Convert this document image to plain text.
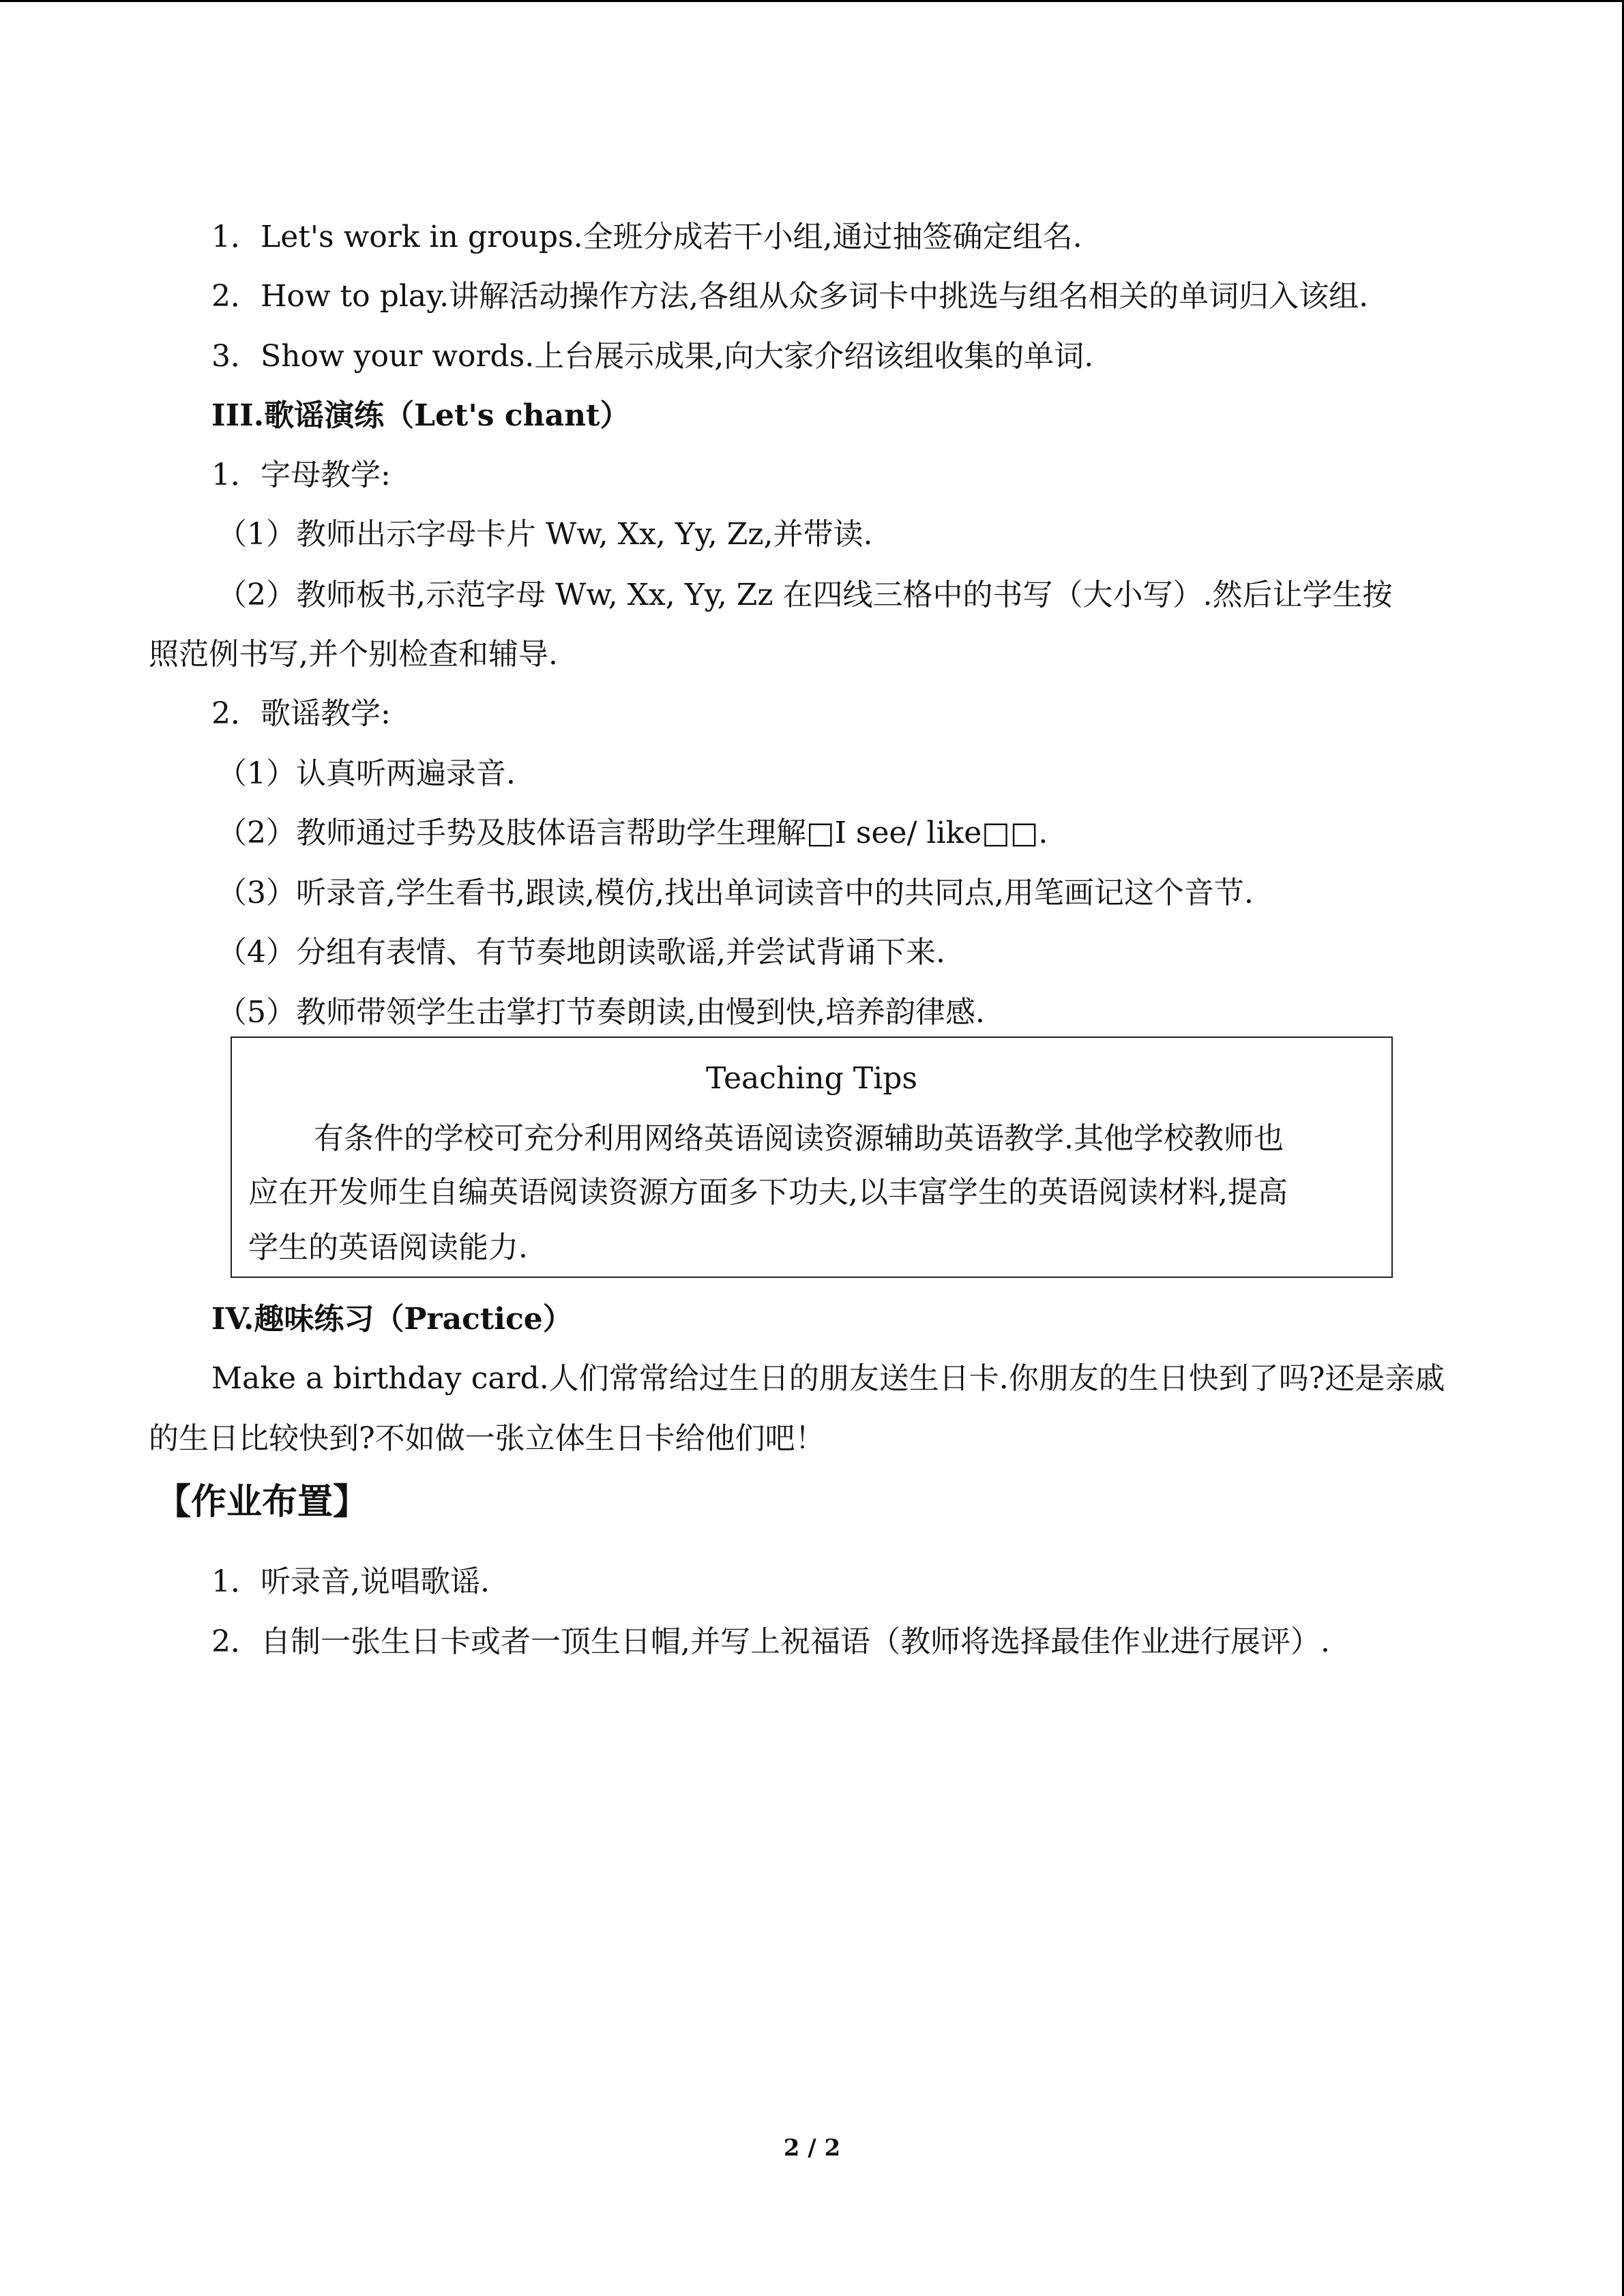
1．Let's work in groups.全班分成若干小组,通过抽签确定组名.
2．How to play.讲解活动操作方法,各组从众多词卡中挑选与组名相关的单词归入该组.
3．Show your words.上台展示成果,向大家介绍该组收集的单词.
III.歌谣演练（Let's chant）
1．字母教学:
（1）教师出示字母卡片 Ww, Xx, Yy, Zz,并带读.
（2）教师板书,示范字母 Ww, Xx, Yy, Zz 在四线三格中的书写（大小写）.然后让学生按
照范例书写,并个别检查和辅导.
2．歌谣教学:
（1）认真听两遍录音.
（2）教师通过手势及肢体语言帮助学生理解□I see/ like□□.
（3）听录音,学生看书,跟读,模仿,找出单词读音中的共同点,用笔画记这个音节.
（4）分组有表情、有节奏地朗读歌谣,并尝试背诵下来.
（5）教师带领学生击掌打节奏朗读,由慢到快,培养韵律感.
Teaching Tips
有条件的学校可充分利用网络英语阅读资源辅助英语教学.其他学校教师也
应在开发师生自编英语阅读资源方面多下功夫,以丰富学生的英语阅读材料,提高
学生的英语阅读能力.
IV.趣味练习（Practice）
Make a birthday card.人们常常给过生日的朋友送生日卡.你朋友的生日快到了吗?还是亲戚
的生日比较快到?不如做一张立体生日卡给他们吧！
【作业布置】
1．听录音,说唱歌谣.
2．自制一张生日卡或者一顶生日帽,并写上祝福语（教师将选择最佳作业进行展评）.
2 / 2
